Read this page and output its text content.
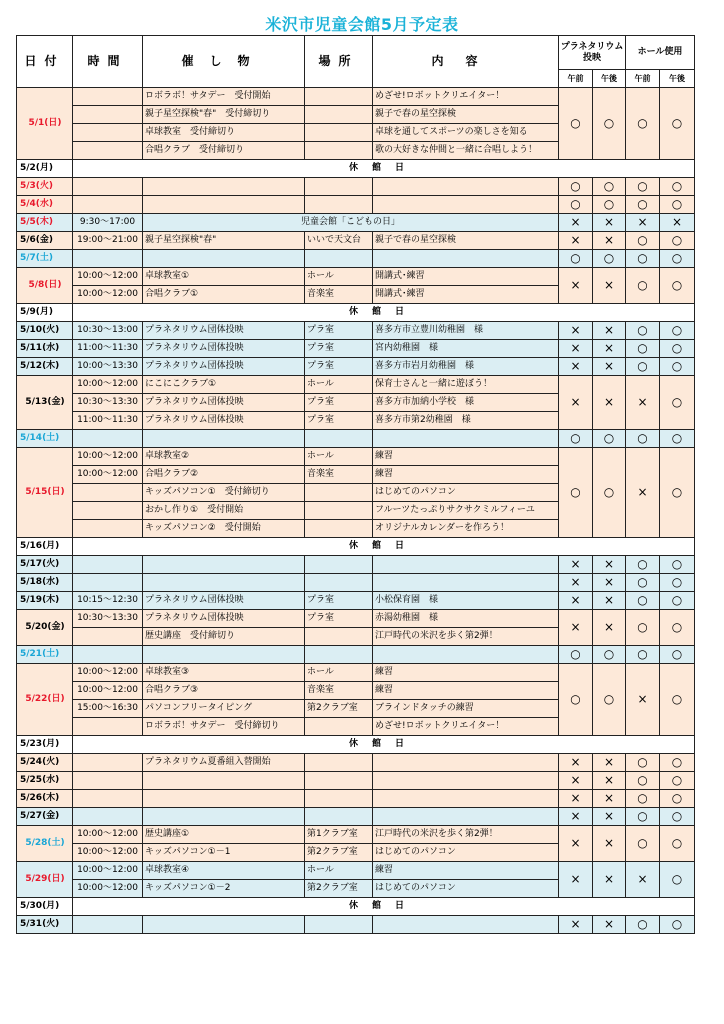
米沢市児童会館5月予定表
日付	時間	催し物	場所	内容	プラネタリウム投映		ホール使用	
					午前	午後	午前	午後
5/1(日)		ロボラボ！サタデー　受付開始		めざせ!ロボットクリエイター！	○	○	○	○
		親子星空探検"春"　受付締切り		親子で春の星空探検				
		卓球教室　受付締切り		卓球を通してスポーツの楽しさを知る				
		合唱クラブ　受付締切り		歌の大好きな仲間と一緒に合唱しよう！				
5/2(月)	休館日							
5/3(火)					○	○	○	○
5/4(水)					○	○	○	○
5/5(木)	9:30～17:00	児童会館「こどもの日」			×	×	×	×
5/6(金)	19:00～21:00	親子星空探検"春"	いいで天文台	親子で春の星空探検	×	×	○	○
5/7(土)					○	○	○	○
5/8(日)	10:00～12:00	卓球教室①	ホール	開講式･練習	×	×	○	○
	10:00～12:00	合唱クラブ①	音楽室	開講式･練習				
5/9(月)	休館日							
5/10(火)	10:30～13:00	プラネタリウム団体投映	プラ室	喜多方市立豊川幼稚園　様	×	×	○	○
5/11(水)	11:00～11:30	プラネタリウム団体投映	プラ室	宮内幼稚園　様	×	×	○	○
5/12(木)	10:00～13:30	プラネタリウム団体投映	プラ室	喜多方市岩月幼稚園　様	×	×	○	○
5/13(金)	10:00～12:00	にこにこクラブ①	ホール	保育士さんと一緒に遊ぼう！	×	×	×	○
	10:30～13:30	プラネタリウム団体投映	プラ室	喜多方市加納小学校　様				
	11:00～11:30	プラネタリウム団体投映	プラ室	喜多方市第2幼稚園　様				
5/14(土)					○	○	○	○
5/15(日)	10:00～12:00	卓球教室②	ホール	練習	○	○	×	○
	10:00～12:00	合唱クラブ②	音楽室	練習				
		キッズパソコン①　受付締切り		はじめてのパソコン				
		おかし作り①　受付開始		フルーツたっぷりサクサクミルフィーユ				
		キッズパソコン②　受付開始		オリジナルカレンダーを作ろう！				
5/16(月)	休館日							
5/17(火)					×	×	○	○
5/18(水)					×	×	○	○
5/19(木)	10:15～12:30	プラネタリウム団体投映	プラ室	小松保育園　様	×	×	○	○
5/20(金)	10:30～13:30	プラネタリウム団体投映	プラ室	赤湯幼稚園　様	×	×	○	○
		歴史講座　受付締切り		江戸時代の米沢を歩く第2弾！				
5/21(土)					○	○	○	○
5/22(日)	10:00～12:00	卓球教室③	ホール	練習	○	○	×	○
	10:00～12:00	合唱クラブ③	音楽室	練習				
	15:00～16:30	パソコンフリータイピング	第2クラブ室	ブラインドタッチの練習				
		ロボラボ！サタデー　受付締切り		めざせ!ロボットクリエイター！				
5/23(月)	休館日							
5/24(火)		プラネタリウム夏番組入替開始			×	×	○	○
5/25(水)					×	×	○	○
5/26(木)					×	×	○	○
5/27(金)					×	×	○	○
5/28(土)	10:00～12:00	歴史講座①	第1クラブ室	江戸時代の米沢を歩く第2弾！	×	×	○	○
	10:00～12:00	キッズパソコン①－1	第2クラブ室	はじめてのパソコン				
5/29(日)	10:00～12:00	卓球教室④	ホール	練習	×	×	×	○
	10:00～12:00	キッズパソコン①－2	第2クラブ室	はじめてのパソコン				
5/30(月)	休館日							
5/31(火)					×	×	○	○
